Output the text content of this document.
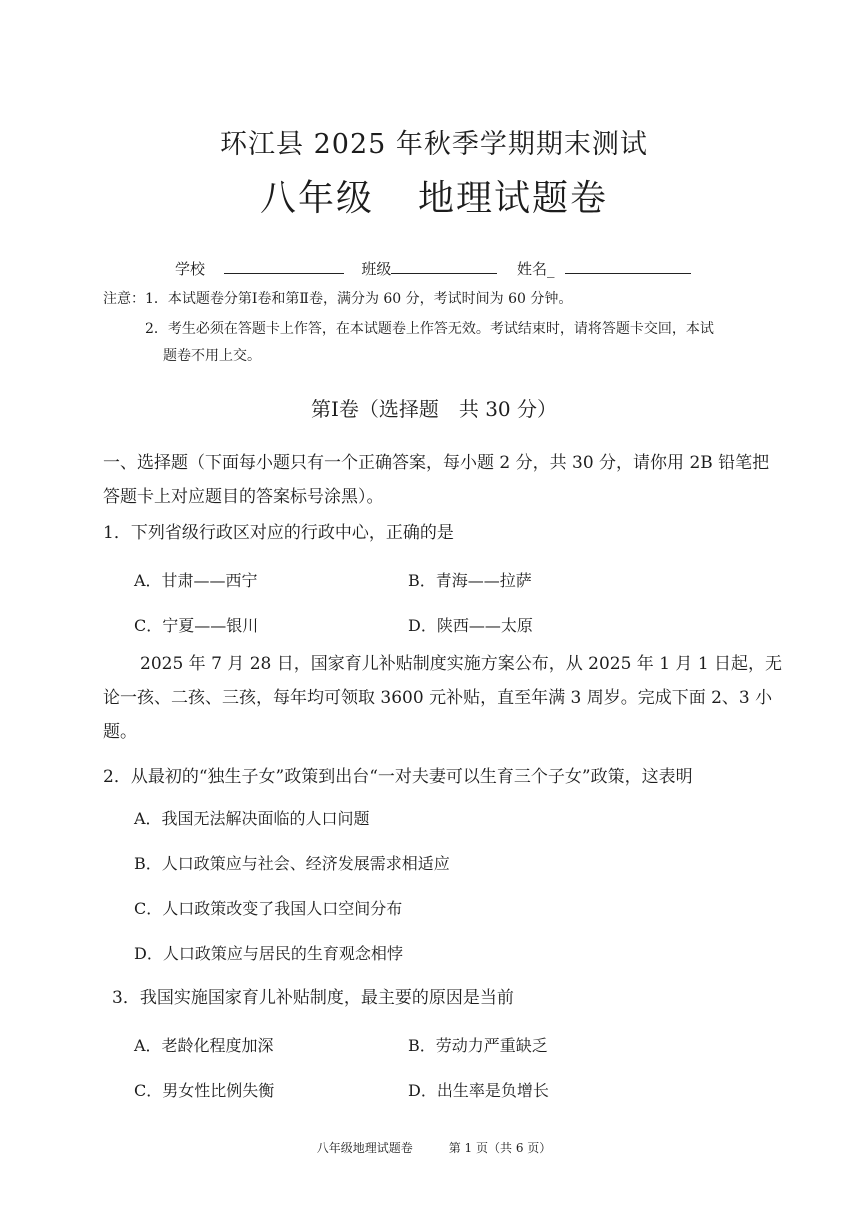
环江县 2025 年秋季学期期末测试
八年级 地理试题卷
学校	班级	姓名_
注意：1．本试题卷分第Ⅰ卷和第Ⅱ卷，满分为 60 分，考试时间为 60 分钟。
2．考生必须在答题卡上作答，在本试题卷上作答无效。考试结束时，请将答题卡交回，本试
题卷不用上交。
第Ⅰ卷（选择题　共 30 分）
一、选择题（下面每小题只有一个正确答案，每小题 2 分，共 30 分，请你用 2B 铅笔把
答题卡上对应题目的答案标号涂黑）。
1．下列省级行政区对应的行政中心，正确的是
A．甘肃——西宁	B．青海——拉萨
C．宁夏——银川	D．陕西——太原
2025 年 7 月 28 日，国家育儿补贴制度实施方案公布，从 2025 年 1 月 1 日起，无
论一孩、二孩、三孩，每年均可领取 3600 元补贴，直至年满 3 周岁。完成下面 2、3 小
题。
2．从最初的“独生子女”政策到出台“一对夫妻可以生育三个子女”政策，这表明
A．我国无法解决面临的人口问题
B．人口政策应与社会、经济发展需求相适应
C．人口政策改变了我国人口空间分布
D．人口政策应与居民的生育观念相悖
3．我国实施国家育儿补贴制度，最主要的原因是当前
A．老龄化程度加深	B．劳动力严重缺乏
C．男女性比例失衡	D．出生率是负增长
八年级地理试题卷	第 1 页（共 6 页）
